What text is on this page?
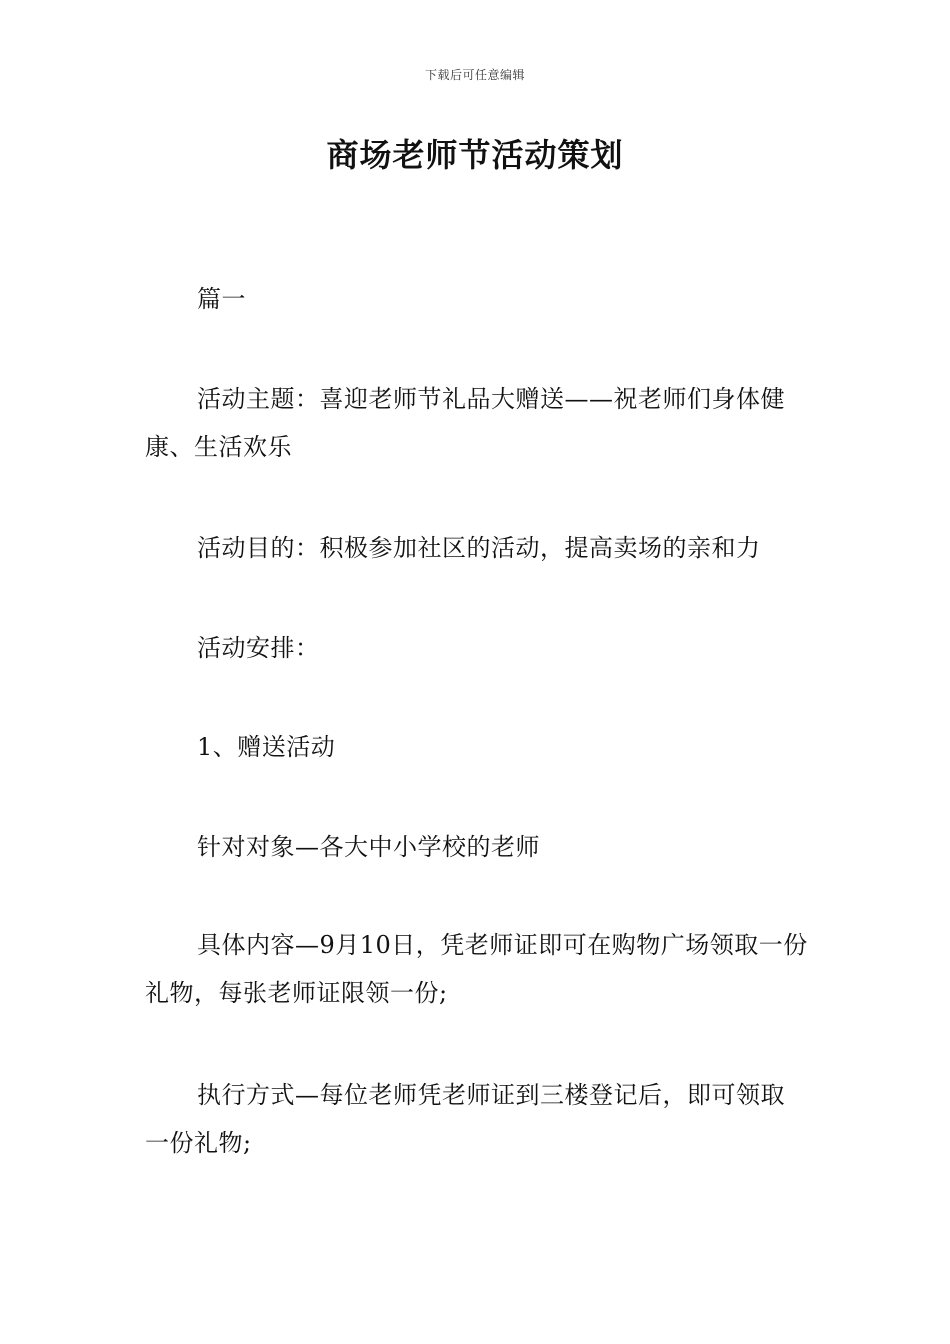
下载后可任意编辑
商场老师节活动策划
篇一
活动主题：喜迎老师节礼品大赠送——祝老师们身体健康、生活欢乐
活动目的：积极参加社区的活动，提高卖场的亲和力
活动安排：
1、赠送活动
针对对象—各大中小学校的老师
具体内容—9月10日，凭老师证即可在购物广场领取一份礼物，每张老师证限领一份;
执行方式—每位老师凭老师证到三楼登记后，即可领取一份礼物;
